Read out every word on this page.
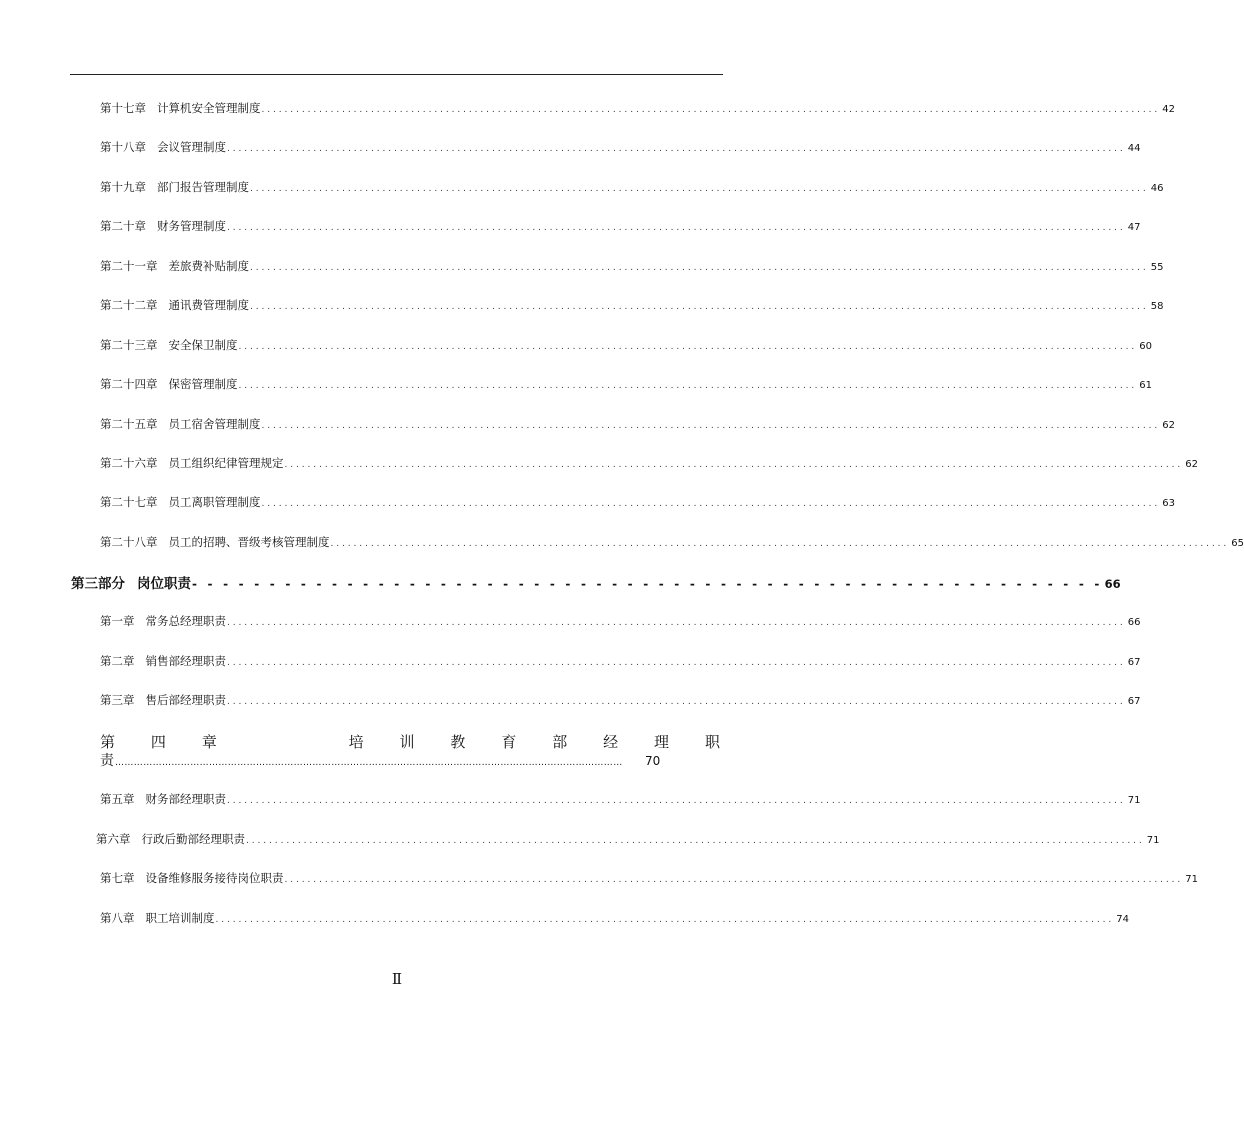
第十七章 计算机安全管理制度 ............................................................................................................................................................ 42
第十八章 会议管理制度 ............................................................................................................................................................ 44
第十九章 部门报告管理制度 ............................................................................................................................................................ 46
第二十章 财务管理制度 ............................................................................................................................................................ 47
第二十一章 差旅费补贴制度 ............................................................................................................................................................ 55
第二十二章 通讯费管理制度 ............................................................................................................................................................ 58
第二十三章 安全保卫制度 ............................................................................................................................................................ 60
第二十四章 保密管理制度 ............................................................................................................................................................ 61
第二十五章 员工宿舍管理制度 ............................................................................................................................................................ 62
第二十六章 员工组织纪律管理规定 ............................................................................................................................................................ 62
第二十七章 员工离职管理制度 ............................................................................................................................................................ 63
第二十八章 员工的招聘、晋级考核管理制度 ............................................................................................................................................................ 65
第三部分 岗位职责 - - - - - - - - - - - - - - - - - - - - - - - - - - - - - - - - - - - - - - - - - - - - - - - - - - - - - - - - - - - 66
第一章 常务总经理职责 ............................................................................................................................................................ 66
第二章 销售部经理职责 ............................................................................................................................................................ 67
第三章 售后部经理职责 ............................................................................................................................................................ 67
第 四 章	培 训 教 育 部 经 理 职
责 ………………………………………………………………………………………………………………………………………………	70
第五章 财务部经理职责 ............................................................................................................................................................ 71
第六章 行政后勤部经理职责 ............................................................................................................................................................ 71
第七章 设备维修服务接待岗位职责 ............................................................................................................................................................ 71
第八章 职工培训制度 ............................................................................................................................................................ 74
Ⅱ
